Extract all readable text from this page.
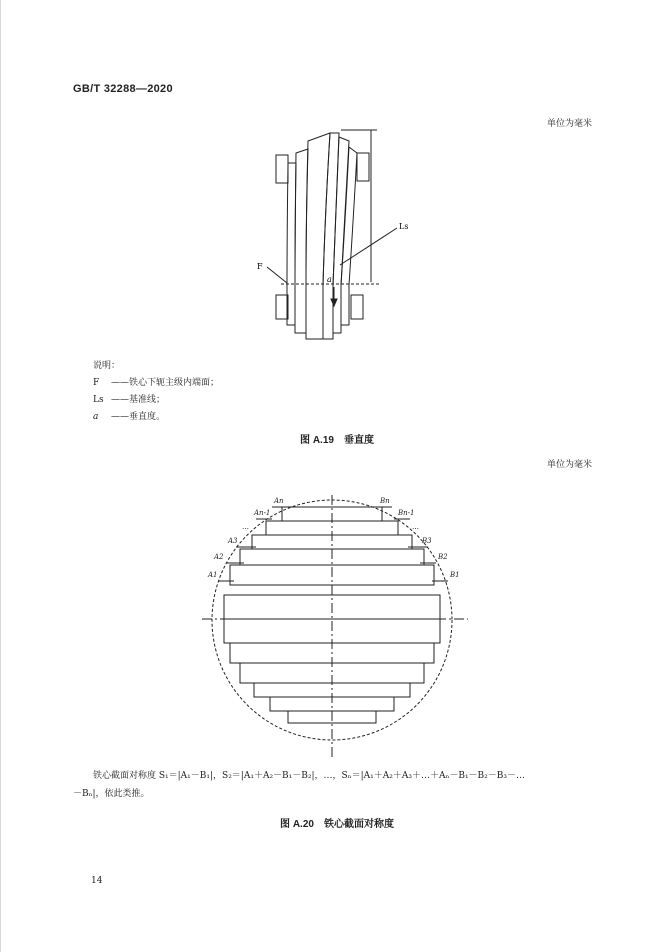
GB/T 32288—2020
单位为毫米
F
Ls
a
说明：
F	——铁心下轭主级内端面；
Ls ——基准线；
a	——垂直度。
图 A.19　垂直度
单位为毫米
A1
A2
A3
…
An-1
An	Bn
Bn-1
…
B3
B2
B1
铁心截面对称度 S₁＝|A₁－B₁|，S₂＝|A₁＋A₂－B₁－B₂|，…，Sₙ＝|A₁＋A₂＋A₃＋…＋Aₙ－B₁－B₂－B₃－…
－Bₙ|，依此类推。
图 A.20　铁心截面对称度
14
